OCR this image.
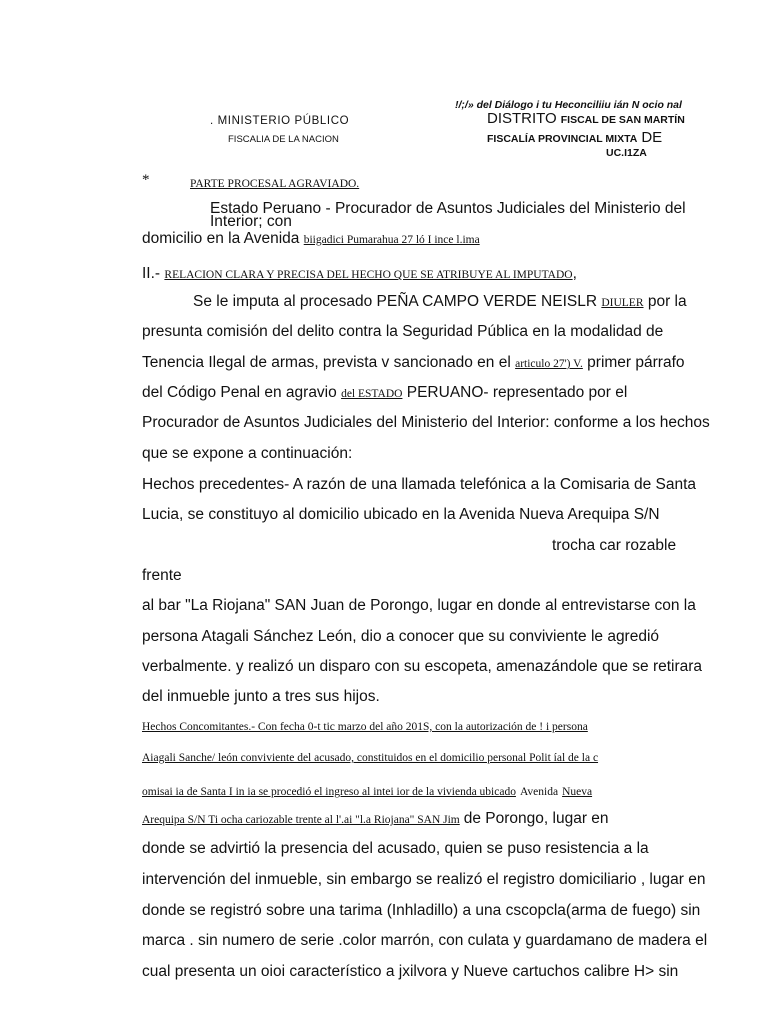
!/;/» del Diálogo i tu Heconciliiu ián N ocio nal
. MINISTERIO PÚBLICO
FISCALIA DE LA NACION
DISTRITO FISCAL DE SAN MARTÍN
FISCALÍA PROVINCIAL MIXTA DE
UC.I1ZA
*	PARTE PROCESAL AGRAVIADO.
Estado Peruano - Procurador de Asuntos Judiciales del Ministerio del
Interior; con
domicilio en la Avenida biigadici Pumarahua 27 ló I ince l.ima
II.- RELACION CLARA Y PRECISA DEL HECHO QUE SE ATRIBUYE AL IMPUTADO,
Se le imputa al procesado PEÑA CAMPO VERDE NEISLR DIULER por la
presunta comisión del delito contra la Seguridad Pública en la modalidad de
Tenencia Ilegal de armas, prevista v sancionado en el articulo 27') V. primer párrafo
del Código Penal en agravio del ESTADO PERUANO- representado por el
Procurador de Asuntos Judiciales del Ministerio del Interior: conforme a los hechos
que se expone a continuación:
Hechos precedentes- A razón de una llamada telefónica a la Comisaria de Santa
Lucia, se constituyo al domicilio ubicado en la Avenida Nueva Arequipa S/N
trocha car rozable
frente
al bar "La Riojana" SAN Juan de Porongo, lugar en donde al entrevistarse con la
persona Atagali Sánchez León, dio a conocer que su conviviente le agredió
verbalmente. y realizó un disparo con su escopeta, amenazándole que se retirara
del inmueble junto a tres sus hijos.
Hechos Concomitantes.- Con fecha 0-t tic marzo del año 201S, con la autorización de ! i persona
Aiagali Sanche/ león conviviente del acusado, constituidos en el domicilio personal Polit íal de la c
omisai ia de Santa I in ia se procedió el ingreso al intei ior de la vivienda ubicado Avenida Nueva
Arequipa S/N Ti ocha cariozable trente al l'.ai "l.a Riojana" SAN Jim de Porongo, lugar en
donde se advirtió la presencia del acusado, quien se puso resistencia a la
intervención del inmueble, sin embargo se realizó el registro domiciliario , lugar en
donde se registró sobre una tarima (Inhladillo) a una cscopcla(arma de fuego) sin
marca . sin numero de serie .color marrón, con culata y guardamano de madera el
cual presenta un oioi característico a jxilvora y Nueve cartuchos calibre H> sin
